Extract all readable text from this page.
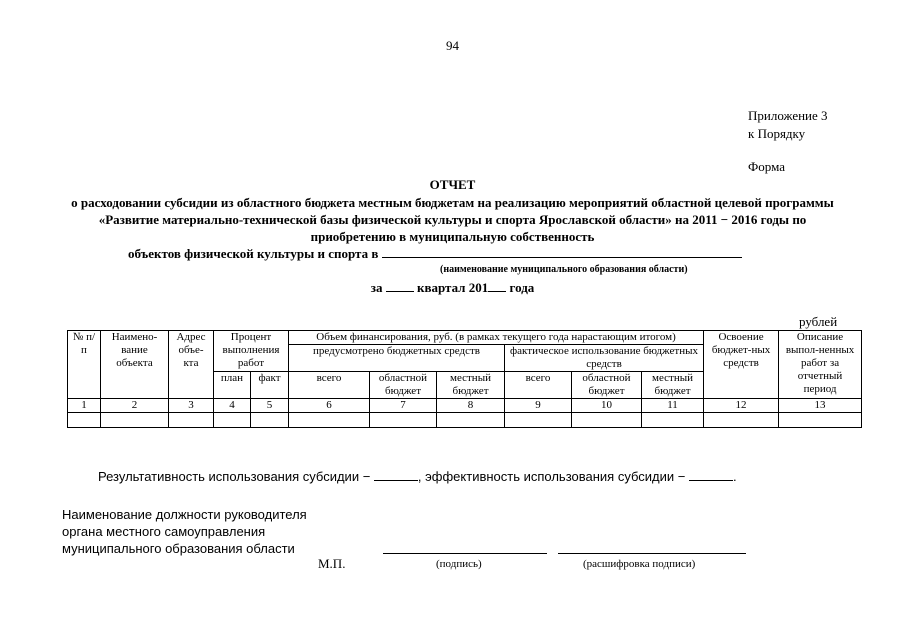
94
Приложение 3
к Порядку
Форма
ОТЧЕТ
о расходовании субсидии из областного бюджета местным бюджетам на реализацию мероприятий областной целевой программы «Развитие материально-технической базы физической культуры и спорта Ярославской области» на 2011 − 2016 годы по приобретению в муниципальную собственность
объектов физической культуры и спорта в
(наименование муниципального образования области)
за	квартал 201 года
рублей
№ п/п	Наимено-вание объекта	Адрес объе-кта	Процент выполнения работ		Объем финансирования, руб. (в рамках текущего года нарастающим итогом)						Освоение бюджет-ных средств	Описание выпол-ненных работ за отчетный период
					предусмотрено бюджетных средств			фактическое использование бюджетных средств				
			план	факт	всего	областной бюджет	местный бюджет	всего	областной бюджет	местный бюджет		
1	2	3	4	5	6	7	8	9	10	11	12	13

Результативность использования субсидии −	, эффективность использования субсидии −	.
Наименование должности руководителя
органа местного самоуправления
муниципального образования области
М.П.	(подпись)	(расшифровка подписи)
